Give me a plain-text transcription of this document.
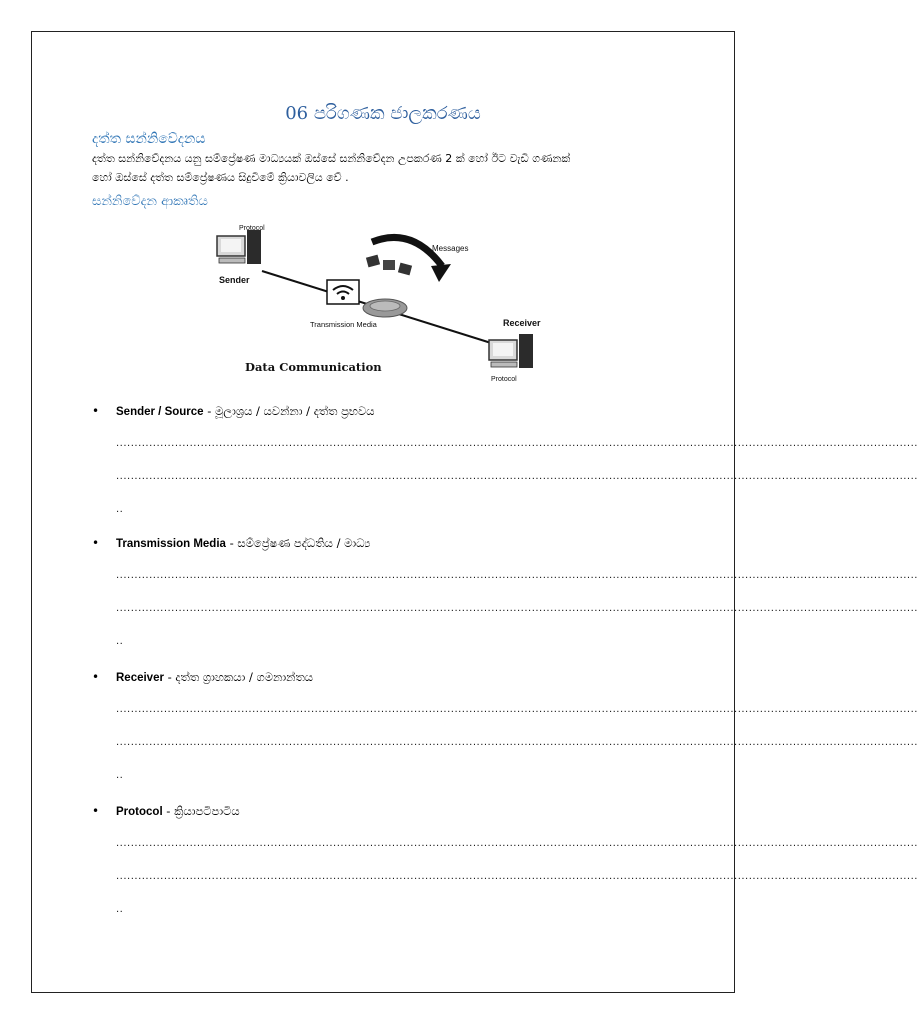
06 පරිගණක ජාලකරණය
දත්ත සන්නිවේදනය
දත්ත සන්නිවේදනය යනු සම්ප්‍රේෂණ මාධ්‍යයක් ඔස්සේ සන්නිවේදන උපකරණ 2 ක් හෝ ඊට වැඩි ගණනක්
හෝ ඔස්සේ දත්ත සම්ප්‍රේෂණය සිදුවීමේ ක්‍රියාවලිය වේ .
සන්නිවේදන ආකෘතිය
Protocol
Sender
Messages
Transmission Media	Receiver
Protocol
Data Communication
• Sender / Source - මූලාශ්‍රය / යවන්නා / දත්ත ප්‍රභවය
..........................................................................................................................................................................................................................
..........................................................................................................................................................................................................................
..
• Transmission Media - සම්ප්‍රේෂණ පද්ධතිය / මාධ්‍ය
..........................................................................................................................................................................................................................
..........................................................................................................................................................................................................................
..
• Receiver - දත්ත ග්‍රාහකයා / ගමනාන්තය
..........................................................................................................................................................................................................................
..........................................................................................................................................................................................................................
..
• Protocol - ක්‍රියාපටිපාටිය
..........................................................................................................................................................................................................................
..........................................................................................................................................................................................................................
..
